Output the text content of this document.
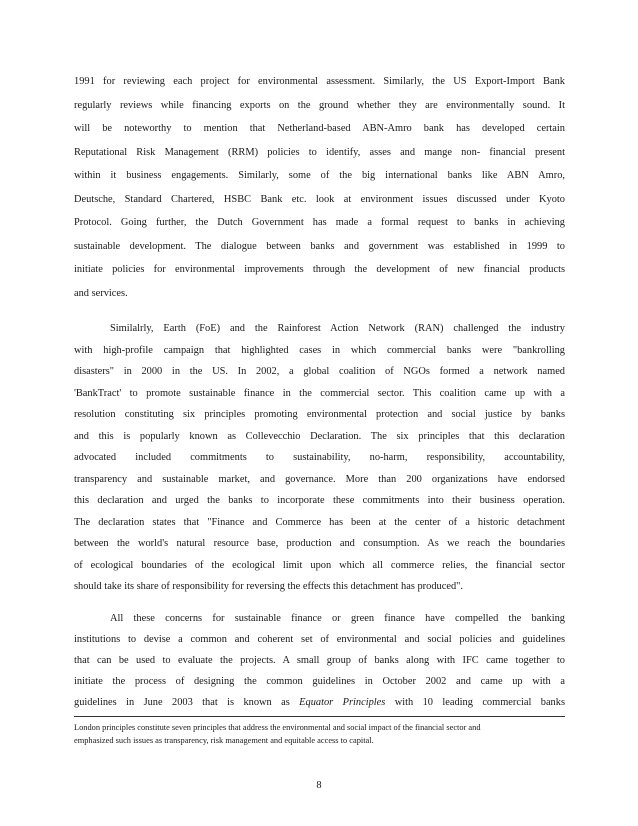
1991 for reviewing each project for environmental assessment. Similarly, the US Export-Import Bank
regularly reviews while financing exports on the ground whether they are environmentally sound. It
will be noteworthy to mention that Netherland-based ABN-Amro bank has developed certain
Reputational Risk Management (RRM) policies to identify, asses and mange non- financial present
within it business engagements. Similarly, some of the big international banks like ABN Amro,
Deutsche, Standard Chartered, HSBC Bank etc. look at environment issues discussed under Kyoto
Protocol. Going further, the Dutch Government has made a formal request to banks in achieving
sustainable development. The dialogue between banks and government was established in 1999 to
initiate policies for environmental improvements through the development of new financial products
and services.
Similalrly, Earth (FoE) and the Rainforest Action Network (RAN) challenged the industry
with high-profile campaign that highlighted cases in which commercial banks were "bankrolling
disasters" in 2000 in the US. In 2002, a global coalition of NGOs formed a network named
'BankTract' to promote sustainable finance in the commercial sector. This coalition came up with a
resolution constituting six principles promoting environmental protection and social justice by banks
and this is popularly known as Collevecchio Declaration. The six principles that this declaration
advocated included commitments to sustainability, no-harm, responsibility, accountability,
transparency and sustainable market, and governance. More than 200 organizations have endorsed
this declaration and urged the banks to incorporate these commitments into their business operation.
The declaration states that "Finance and Commerce has been at the center of a historic detachment
between the world's natural resource base, production and consumption. As we reach the boundaries
of ecological boundaries of the ecological limit upon which all commerce relies, the financial sector
should take its share of responsibility for reversing the effects this detachment has produced".
All these concerns for sustainable finance or green finance have compelled the banking
institutions to devise a common and coherent set of environmental and social policies and guidelines
that can be used to evaluate the projects. A small group of banks along with IFC came together to
initiate the process of designing the common guidelines in October 2002 and came up with a
guidelines in June 2003 that is known as Equator Principles with 10 leading commercial banks
London principles constitute seven principles that address the environmental and social impact of the financial sector and
emphasized such issues as transparency, risk management and equitable access to capital.
8
